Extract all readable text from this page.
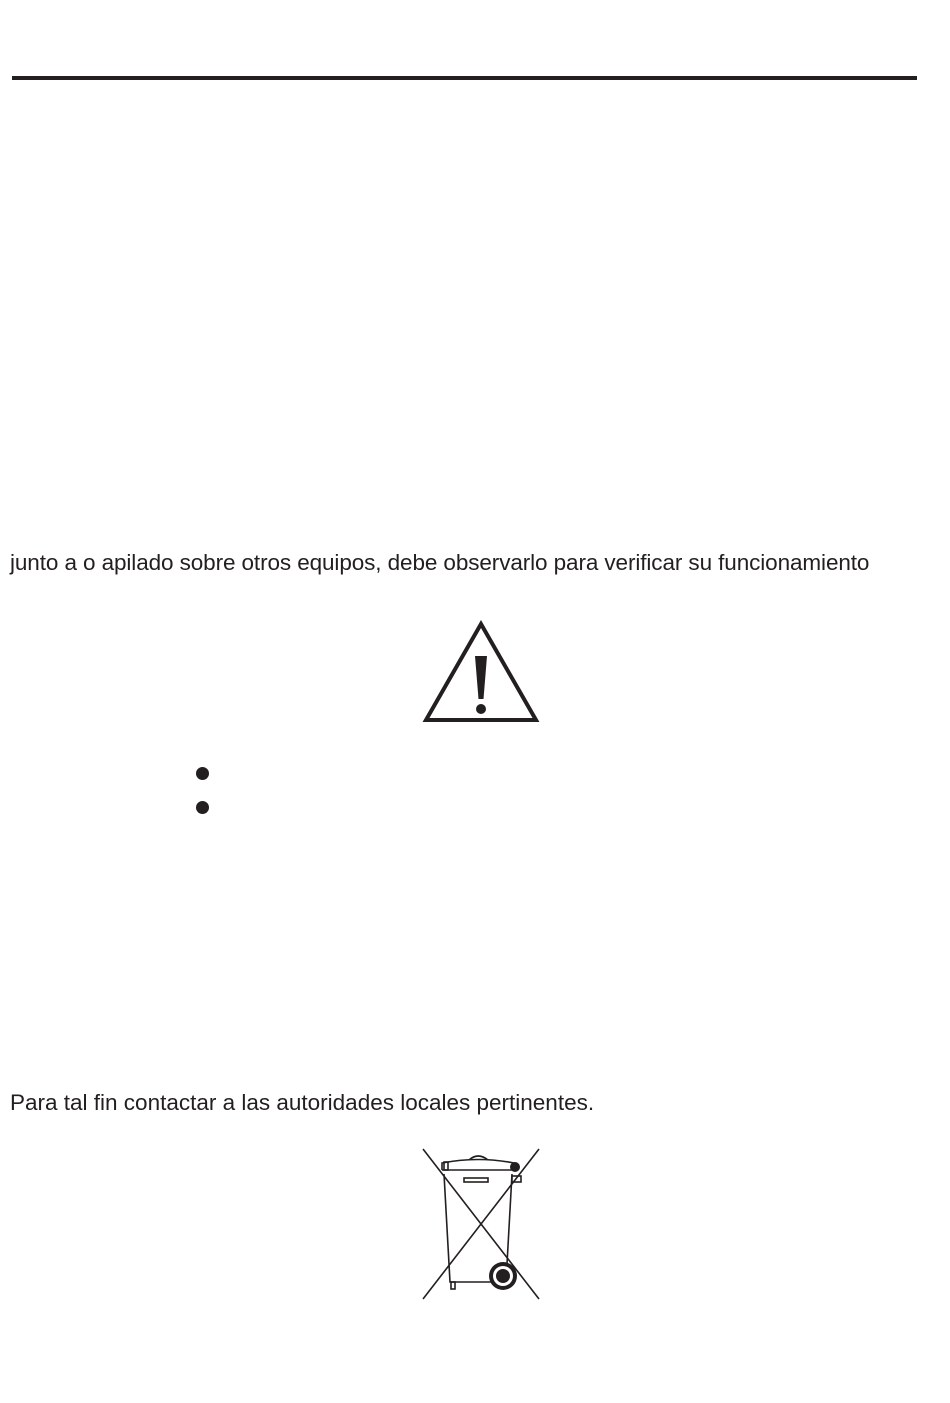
junto a o apilado sobre otros equipos, debe observarlo para verificar su funcionamiento
Para tal fin contactar a las autoridades locales pertinentes.
